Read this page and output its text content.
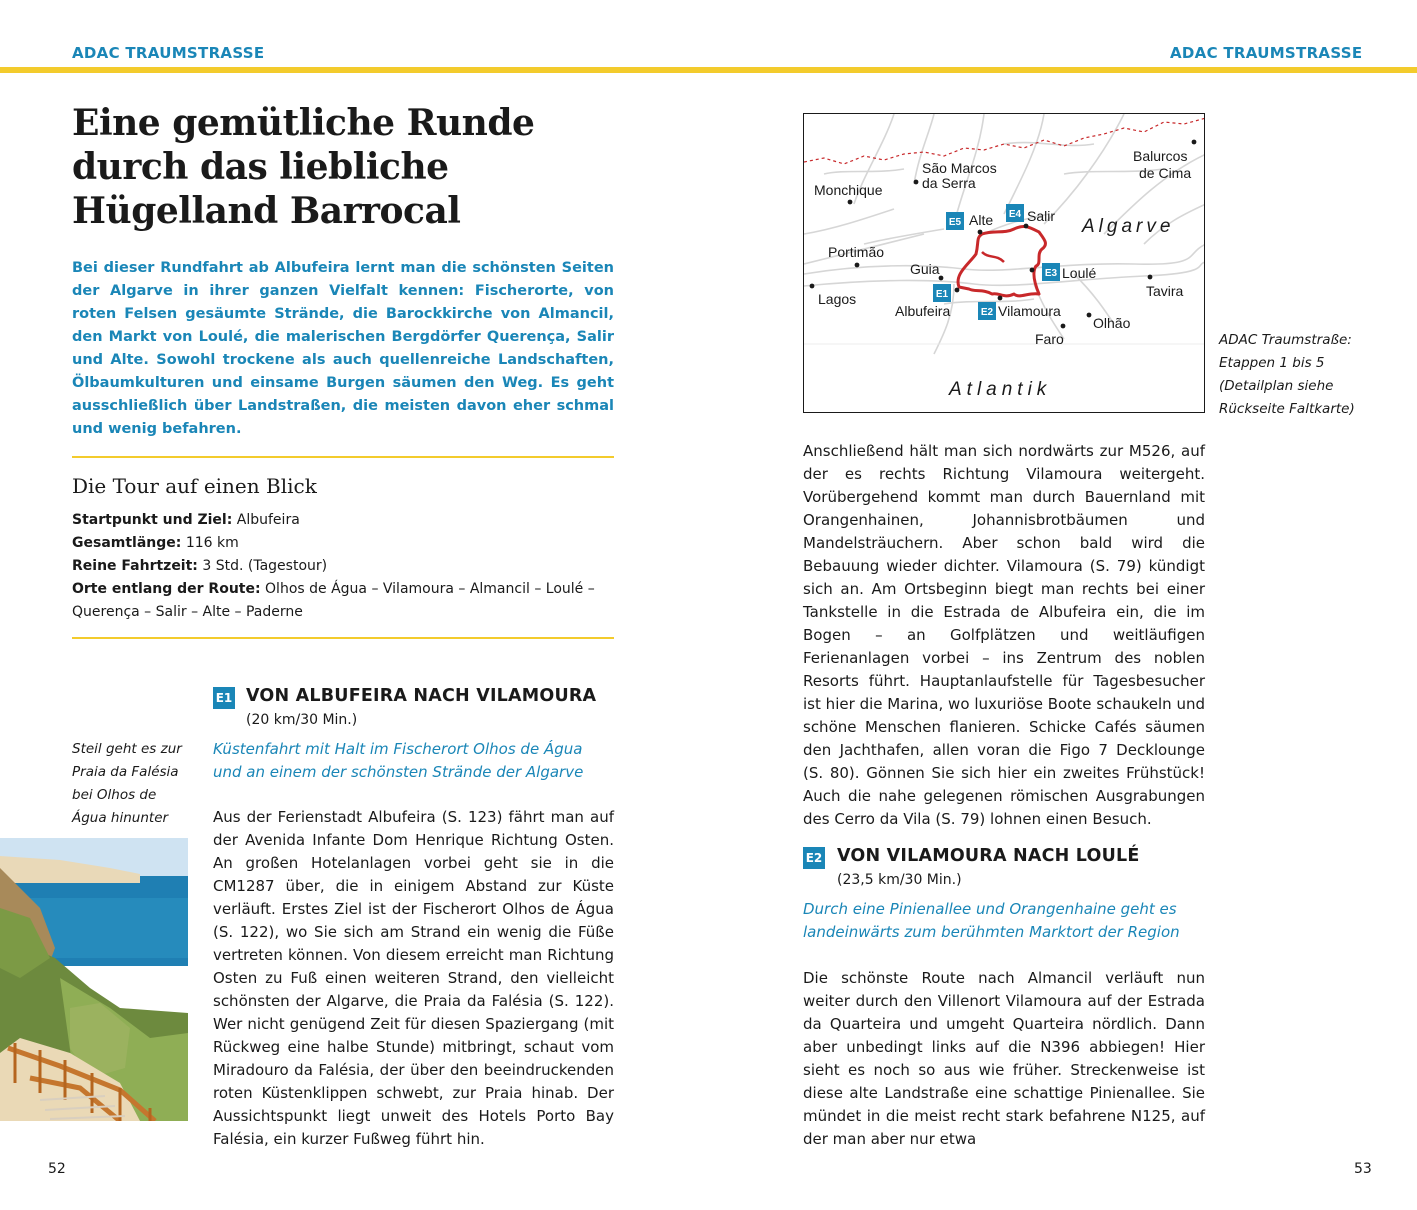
ADAC TRAUMSTRASSE	ADAC TRAUMSTRASSE
Eine gemütliche Runde
durch das liebliche
Hügelland Barrocal
Bei dieser Rundfahrt ab Albufeira lernt man die schönsten Seiten der Algarve in ihrer ganzen Vielfalt kennen: Fischerorte, von roten Felsen gesäumte Strände, die Barockkirche von Almancil, den Markt von Loulé, die malerischen Bergdörfer Querença, Salir und Alte. Sowohl trockene als auch quellenreiche Landschaften, Ölbaumkulturen und einsame Burgen säumen den Weg. Es geht ausschließlich über Landstraßen, die meisten davon eher schmal und wenig befahren.
Die Tour auf einen Blick
Startpunkt und Ziel: Albufeira
Gesamtlänge: 116 km
Reine Fahrtzeit: 3 Std. (Tagestour)
Orte entlang der Route: Olhos de Água – Vilamoura – Almancil – Loulé – Querença – Salir – Alte – Paderne
E1 VON ALBUFEIRA NACH VILAMOURA
(20 km/30 Min.)
Küstenfahrt mit Halt im Fischerort Olhos de Água und an einem der schönsten Strände der Algarve
Aus der Ferienstadt Albufeira (S. 123) fährt man auf der Avenida Infante Dom Henrique Richtung Osten. An großen Hotelanlagen vorbei geht sie in die CM1287 über, die in einigem Abstand zur Küste verläuft. Erstes Ziel ist der Fischerort Olhos de Água (S. 122), wo Sie sich am Strand ein wenig die Füße vertreten können. Von diesem erreicht man Richtung Osten zu Fuß einen weiteren Strand, den vielleicht schönsten der Algarve, die Praia da Falésia (S. 122). Wer nicht genügend Zeit für diesen Spaziergang (mit Rückweg eine halbe Stunde) mitbringt, schaut vom Miradouro da Falésia, der über den beeindruckenden roten Küstenklippen schwebt, zur Praia hinab. Der Aussichtspunkt liegt unweit des Hotels Porto Bay Falésia, ein kurzer Fußweg führt hin.
Steil geht es zur Praia da Falésia bei Olhos de Água hinunter
São Marcos
da Serra
Monchique
Balurcos
de Cima
Alte Salir Algarve
Portimão
Guia	Loulé
Lagos	Tavira
Albufeira	Vilamoura
Olhão
Faro
Atlantik
E5
E4
E3
E1
E2
ADAC Traumstraße: Etappen 1 bis 5 (Detailplan siehe Rückseite Faltkarte)
Anschließend hält man sich nordwärts zur M526, auf der es rechts Richtung Vilamoura weitergeht. Vorübergehend kommt man durch Bauernland mit Orangenhainen, Johannisbrotbäumen und Mandelsträuchern. Aber schon bald wird die Bebauung wieder dichter. Vilamoura (S. 79) kündigt sich an. Am Ortsbeginn biegt man rechts bei einer Tankstelle in die Estrada de Albufeira ein, die im Bogen – an Golfplätzen und weitläufigen Ferienanlagen vorbei – ins Zentrum des noblen Resorts führt. Hauptanlaufstelle für Tagesbesucher ist hier die Marina, wo luxuriöse Boote schaukeln und schöne Menschen flanieren. Schicke Cafés säumen den Jachthafen, allen voran die Figo 7 Decklounge (S. 80). Gönnen Sie sich hier ein zweites Frühstück! Auch die nahe gelegenen römischen Ausgrabungen des Cerro da Vila (S. 79) lohnen einen Besuch.
E2 VON VILAMOURA NACH LOULÉ
(23,5 km/30 Min.)
Durch eine Pinienallee und Orangenhaine geht es landeinwärts zum berühmten Marktort der Region
Die schönste Route nach Almancil verläuft nun weiter durch den Villenort Vilamoura auf der Estrada da Quarteira und umgeht Quarteira nördlich. Dann aber unbedingt links auf die N396 abbiegen! Hier sieht es noch so aus wie früher. Streckenweise ist diese alte Landstraße eine schattige Pinienallee. Sie mündet in die meist recht stark befahrene N125, auf der man aber nur etwa
52	53
